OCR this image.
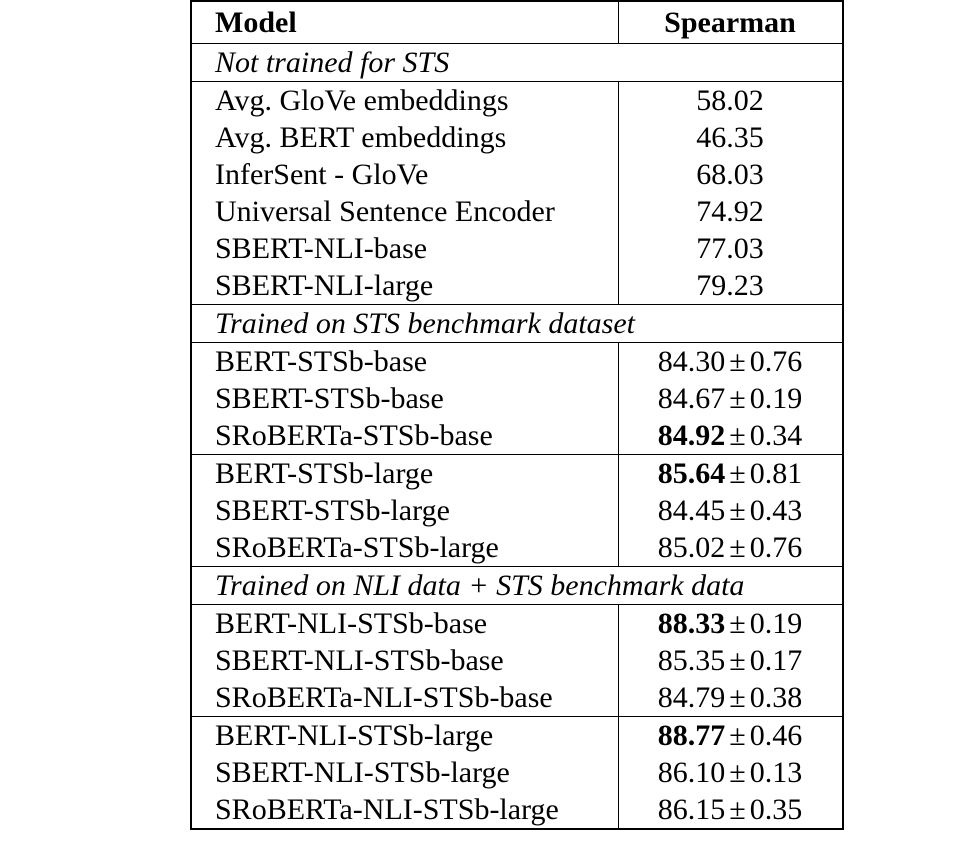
Model	Spearman
Not trained for STS	
Avg. GloVe embeddings	58.02
Avg. BERT embeddings	46.35
InferSent - GloVe	68.03
Universal Sentence Encoder	74.92
SBERT-NLI-base	77.03
SBERT-NLI-large	79.23
Trained on STS benchmark dataset	
BERT-STSb-base	84.30 ± 0.76
SBERT-STSb-base	84.67 ± 0.19
SRoBERTa-STSb-base	84.92 ± 0.34
BERT-STSb-large	85.64 ± 0.81
SBERT-STSb-large	84.45 ± 0.43
SRoBERTa-STSb-large	85.02 ± 0.76
Trained on NLI data + STS benchmark data	
BERT-NLI-STSb-base	88.33 ± 0.19
SBERT-NLI-STSb-base	85.35 ± 0.17
SRoBERTa-NLI-STSb-base	84.79 ± 0.38
BERT-NLI-STSb-large	88.77 ± 0.46
SBERT-NLI-STSb-large	86.10 ± 0.13
SRoBERTa-NLI-STSb-large	86.15 ± 0.35
